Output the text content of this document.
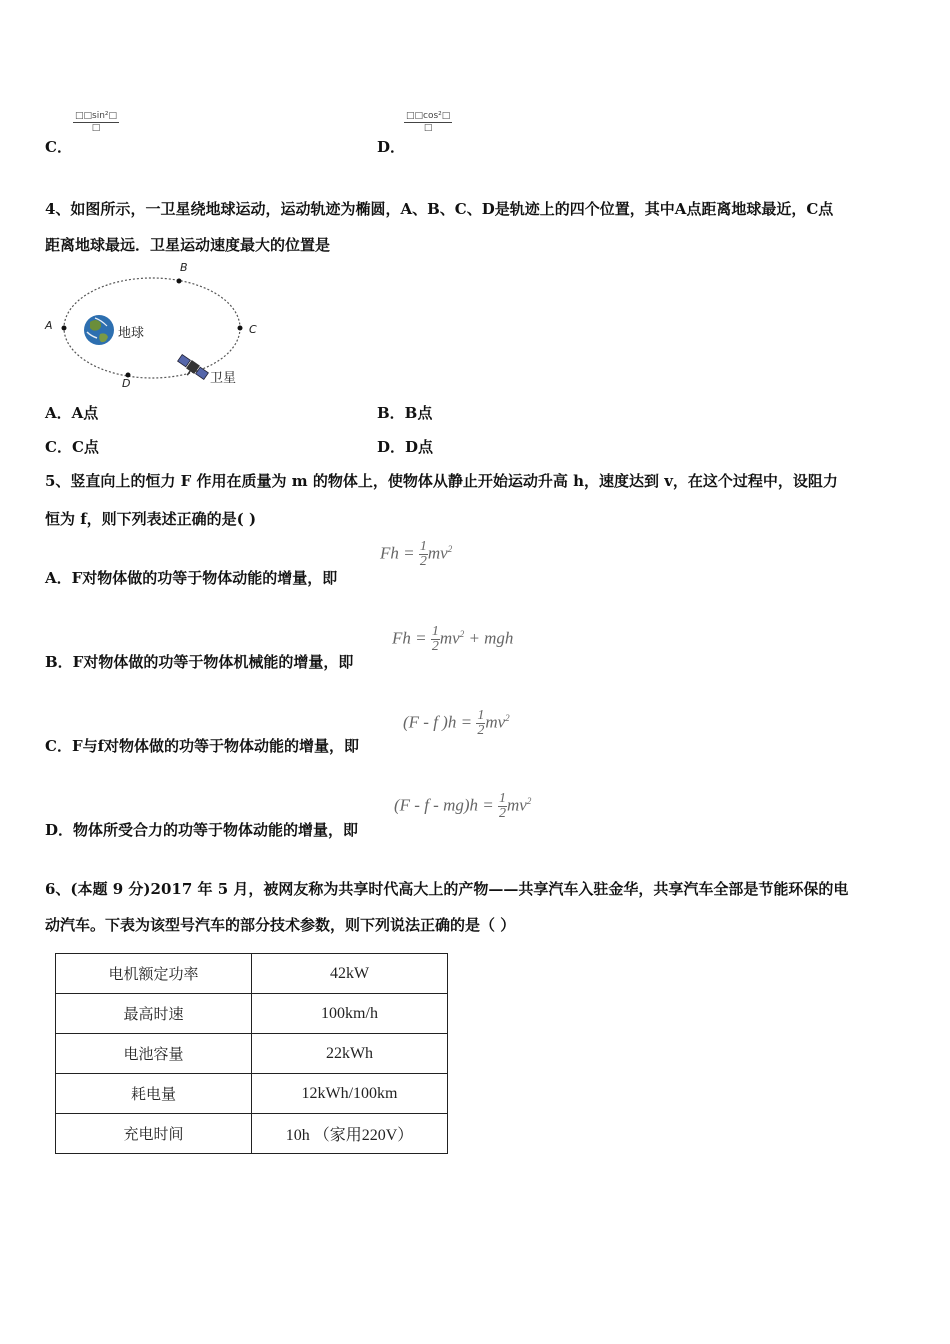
C．
$\frac{\text{□□sin²□}}{□}$
D．
$\frac{\text{□□cos²□}}{□}$
4、如图所示，一卫星绕地球运动，运动轨迹为椭圆，A、B、C、D是轨迹上的四个位置，其中A点距离地球最近，C点
距离地球最远．卫星运动速度最大的位置是
A
B
C
D
地球
卫星
A．A点	B．B点
C．C点	D．D点
5、竖直向上的恒力 F 作用在质量为 m 的物体上，使物体从静止开始运动升高 h，速度达到 v，在这个过程中，设阻力
恒为 f，则下列表述正确的是( )
A．F对物体做的功等于物体动能的增量，即
$Fh = \frac{1}{2} mv^2$
B．F对物体做的功等于物体机械能的增量，即
$Fh = \frac{1}{2} mv^2$ + mgh
C．F与f对物体做的功等于物体动能的增量，即
(F - f )$h = \frac{1}{2} mv^2$
D．物体所受合力的功等于物体动能的增量，即
$(F - f - mg)h = \frac{1}{2} mv^2$
6、(本题 9 分)2017 年 5 月，被网友称为共享时代高大上的产物——共享汽车入驻金华，共享汽车全部是节能环保的电
动汽车。下表为该型号汽车的部分技术参数，则下列说法正确的是（ ）
电机额定功率	42kW
最高时速	100km/h
电池容量	22kWh
耗电量	12kWh/100km
充电时间	10h （家用220V）
